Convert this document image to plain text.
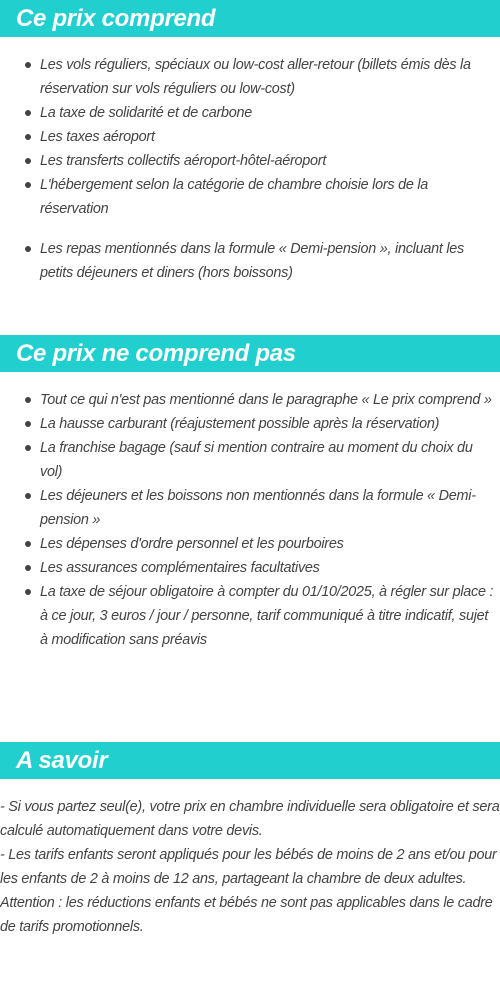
Ce prix comprend
Les vols réguliers, spéciaux ou low-cost aller-retour (billets émis dès la réservation sur vols réguliers ou low-cost)
La taxe de solidarité et de carbone
Les taxes aéroport
Les transferts collectifs aéroport-hôtel-aéroport
L'hébergement selon la catégorie de chambre choisie lors de la réservation
Les repas mentionnés dans la formule « Demi-pension », incluant les petits déjeuners et diners (hors boissons)
Ce prix ne comprend pas
Tout ce qui n'est pas mentionné dans le paragraphe « Le prix comprend »
La hausse carburant (réajustement possible après la réservation)
La franchise bagage (sauf si mention contraire au moment du choix du vol)
Les déjeuners et les boissons non mentionnés dans la formule « Demi-pension »
Les dépenses d'ordre personnel et les pourboires
Les assurances complémentaires facultatives
La taxe de séjour obligatoire à compter du 01/10/2025, à régler sur place : à ce jour, 3 euros / jour / personne, tarif communiqué à titre indicatif, sujet à modification sans préavis
A savoir

- Si vous partez seul(e), votre prix en chambre individuelle sera obligatoire et sera calculé automatiquement dans votre devis.

- Les tarifs enfants seront appliqués pour les bébés de moins de 2 ans et/ou pour les enfants de 2 à moins de 12 ans, partageant la chambre de deux adultes.

Attention : les réductions enfants et bébés ne sont pas applicables dans le cadre de tarifs promotionnels.
